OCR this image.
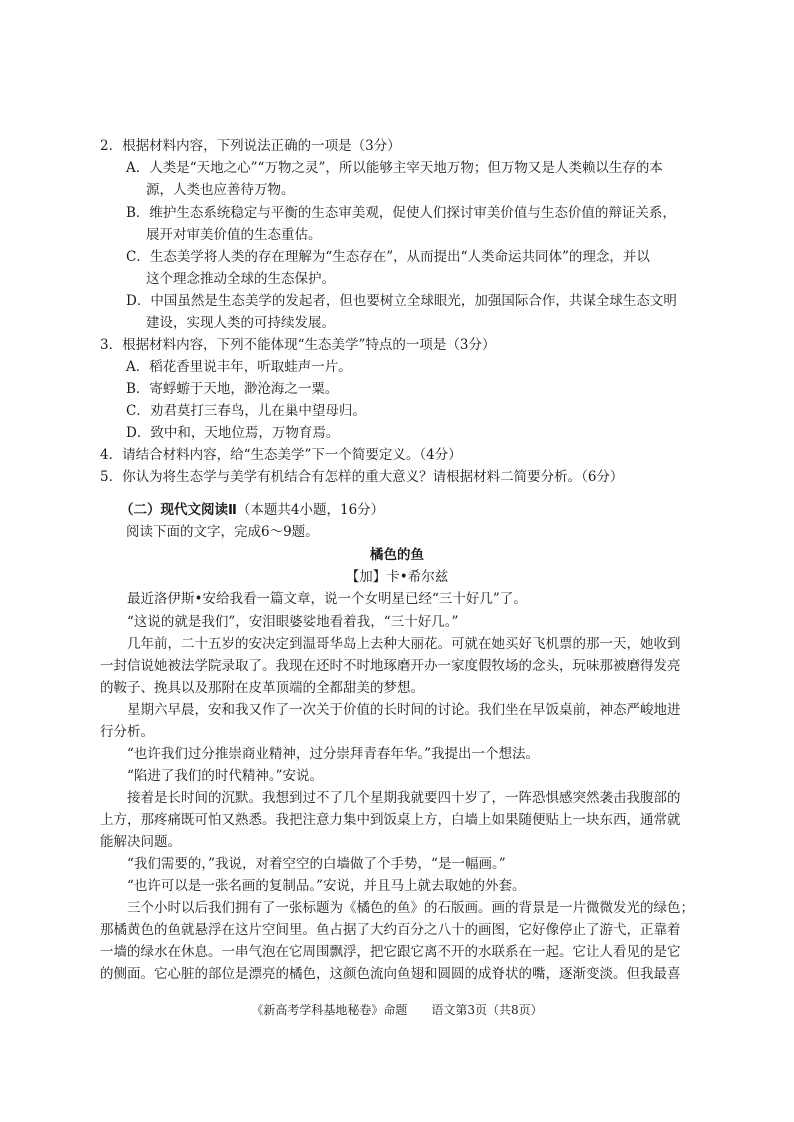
2．根据材料内容，下列说法正确的一项是（3分）
A．人类是“天地之心”“万物之灵”，所以能够主宰天地万物；但万物又是人类赖以生存的本
源，人类也应善待万物。
B．维护生态系统稳定与平衡的生态审美观，促使人们探讨审美价值与生态价值的辩证关系，
展开对审美价值的生态重估。
C．生态美学将人类的存在理解为“生态存在”，从而提出“人类命运共同体”的理念，并以
这个理念推动全球的生态保护。
D．中国虽然是生态美学的发起者，但也要树立全球眼光，加强国际合作，共谋全球生态文明
建设，实现人类的可持续发展。
3．根据材料内容，下列不能体现“生态美学”特点的一项是（3分）
A．稻花香里说丰年，听取蛙声一片。
B．寄蜉蝣于天地，渺沧海之一粟。
C．劝君莫打三春鸟，儿在巢中望母归。
D．致中和，天地位焉，万物育焉。
4．请结合材料内容，给“生态美学”下一个简要定义。（4分）
5．你认为将生态学与美学有机结合有怎样的重大意义？请根据材料二简要分析。（6分）
（二）现代文阅读Ⅱ（本题共4小题，16分）
阅读下面的文字，完成6～9题。
橘色的鱼
【加】卡•希尔兹
　　最近洛伊斯•安给我看一篇文章，说一个女明星已经“三十好几”了。
　　“这说的就是我们”，安泪眼婆娑地看着我，“三十好几。”
　　几年前，二十五岁的安决定到温哥华岛上去种大丽花。可就在她买好飞机票的那一天，她收到
一封信说她被法学院录取了。我现在还时不时地琢磨开办一家度假牧场的念头，玩味那被磨得发亮
的鞍子、挽具以及那附在皮革顶端的全都甜美的梦想。
　　星期六早晨，安和我又作了一次关于价值的长时间的讨论。我们坐在早饭桌前，神态严峻地进
行分析。
　　“也许我们过分推崇商业精神，过分崇拜青春年华。”我提出一个想法。
　　“陷进了我们的时代精神。”安说。
　　接着是长时间的沉默。我想到过不了几个星期我就要四十岁了，一阵恐惧感突然袭击我腹部的
上方，那疼痛既可怕又熟悉。我把注意力集中到饭桌上方，白墙上如果随便贴上一块东西，通常就
能解决问题。
　　“我们需要的，”我说，对着空空的白墙做了个手势，“是一幅画。”
　　“也许可以是一张名画的复制品。”安说，并且马上就去取她的外套。
　　三个小时以后我们拥有了一张标题为《橘色的鱼》的石版画。画的背景是一片微微发光的绿色；
那橘黄色的鱼就悬浮在这片空间里。鱼占据了大约百分之八十的画图，它好像停止了游弋，正靠着
一墙的绿水在休息。一串气泡在它周围飘浮，把它跟它离不开的水联系在一起。它让人看见的是它
的侧面。它心脏的部位是漂亮的橘色，这颜色流向鱼翅和圆圆的成脊状的嘴，逐渐变淡。但我最喜
《新高考学科基地秘卷》命题　　语文第3页（共8页）
